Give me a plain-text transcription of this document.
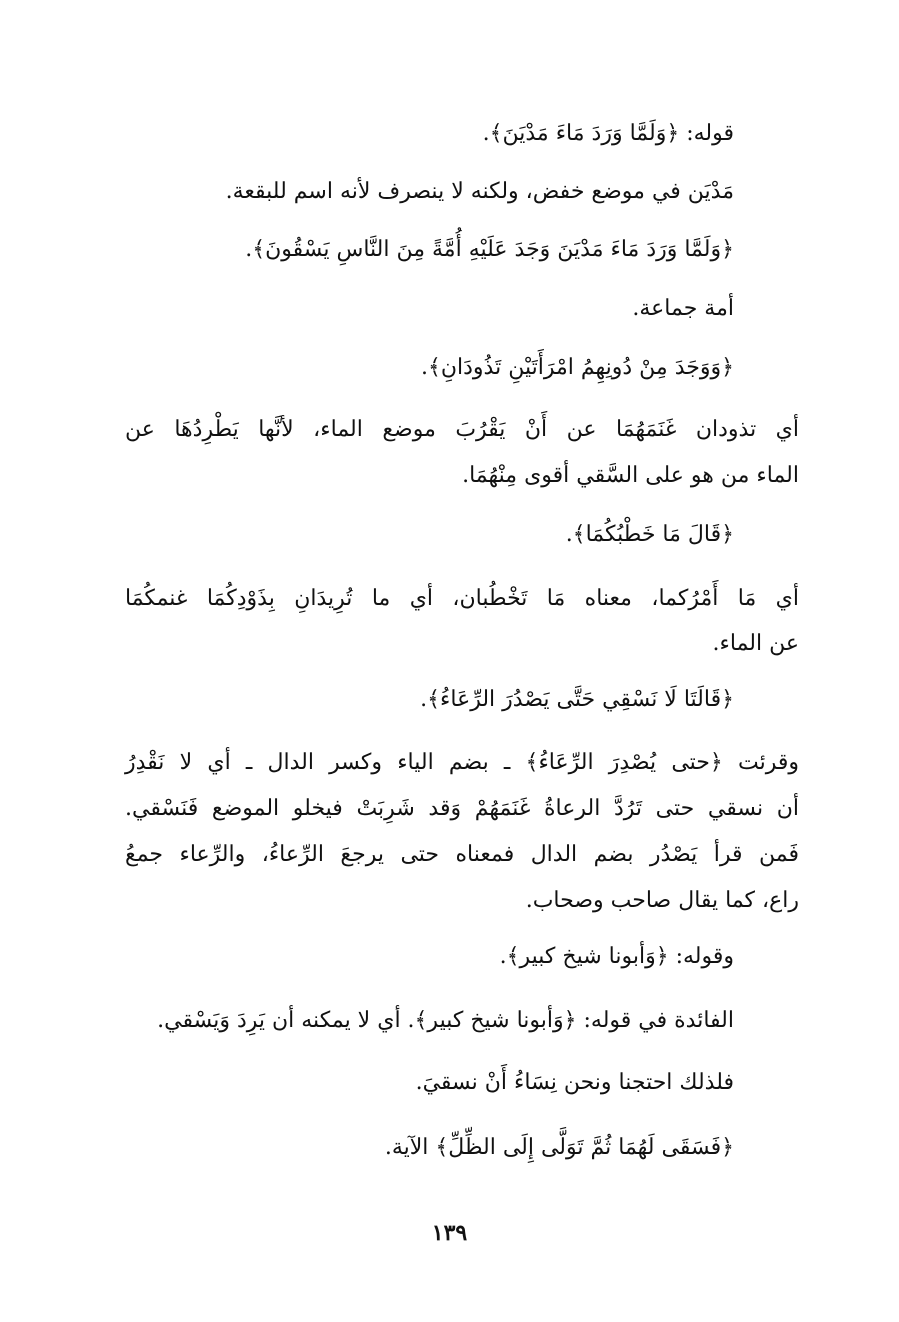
قوله: ﴿وَلَمَّا وَرَدَ مَاءَ مَدْيَنَ﴾.
مَدْيَن في موضع خفض، ولكنه لا ينصرف لأنه اسم للبقعة.
﴿وَلَمَّا وَرَدَ مَاءَ مَدْيَنَ وَجَدَ عَلَيْهِ أُمَّةً مِنَ النَّاسِ يَسْقُونَ﴾.
أمة جماعة.
﴿وَوَجَدَ مِنْ دُونِهِمُ امْرَأَتَيْنِ تَذُودَانِ﴾.
أي تذودان غَنَمَهُمَا عن أَنْ يَقْرُبَ موضع الماء، لأنَّها يَطْرِدُهَا عن
الماء من هو على السَّقي أقوى مِنْهُمَا.
﴿قَالَ مَا خَطْبُكُمَا﴾.
أي مَا أَمْرُكما، معناه مَا تَخْطُبان، أي ما تُرِيدَانِ بِذَوْدِكُمَا غنمكُمَا
عن الماء.
﴿قَالَتَا لَا نَسْقِي حَتَّى يَصْدُرَ الرِّعَاءُ﴾.
وقرئت ﴿حتى يُصْدِرَ الرِّعَاءُ﴾ ـ بضم الياء وكسر الدال ـ أي لا نَقْدِرُ
أن نسقي حتى تَرُدَّ الرعاةُ غَنَمَهُمْ وَقد شَرِبَتْ فيخلو الموضع فَنَسْقي.
فَمن قرأ يَصْدُر بضم الدال فمعناه حتى يرجعَ الرِّعاءُ، والرِّعاء جمعُ
راع، كما يقال صاحب وصحاب.
وقوله: ﴿وَأبونا شيخ كبير﴾.
الفائدة في قوله: ﴿وَأبونا شيخ كبير﴾. أي لا يمكنه أن يَرِدَ وَيَسْقي.
فلذلك احتجنا ونحن نِسَاءُ أَنْ نسقيَ.
﴿فَسَقَى لَهُمَا ثُمَّ تَوَلَّى إِلَى الظِّلِّ﴾ الآية.
١٣٩
